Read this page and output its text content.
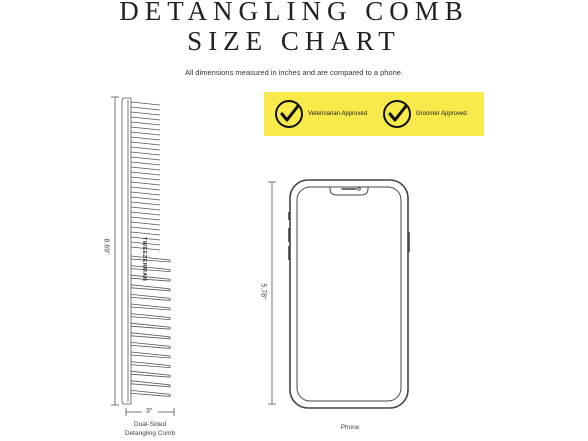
DETANGLING COMB
SIZE CHART

All dimensions measured in inches and are compared to a phone.

Veterinarian Approved	Groomer Approved
8.69"	TWEEZERMAN
3"
5.78"
Dual-Sided
Detangling Comb
Phone
